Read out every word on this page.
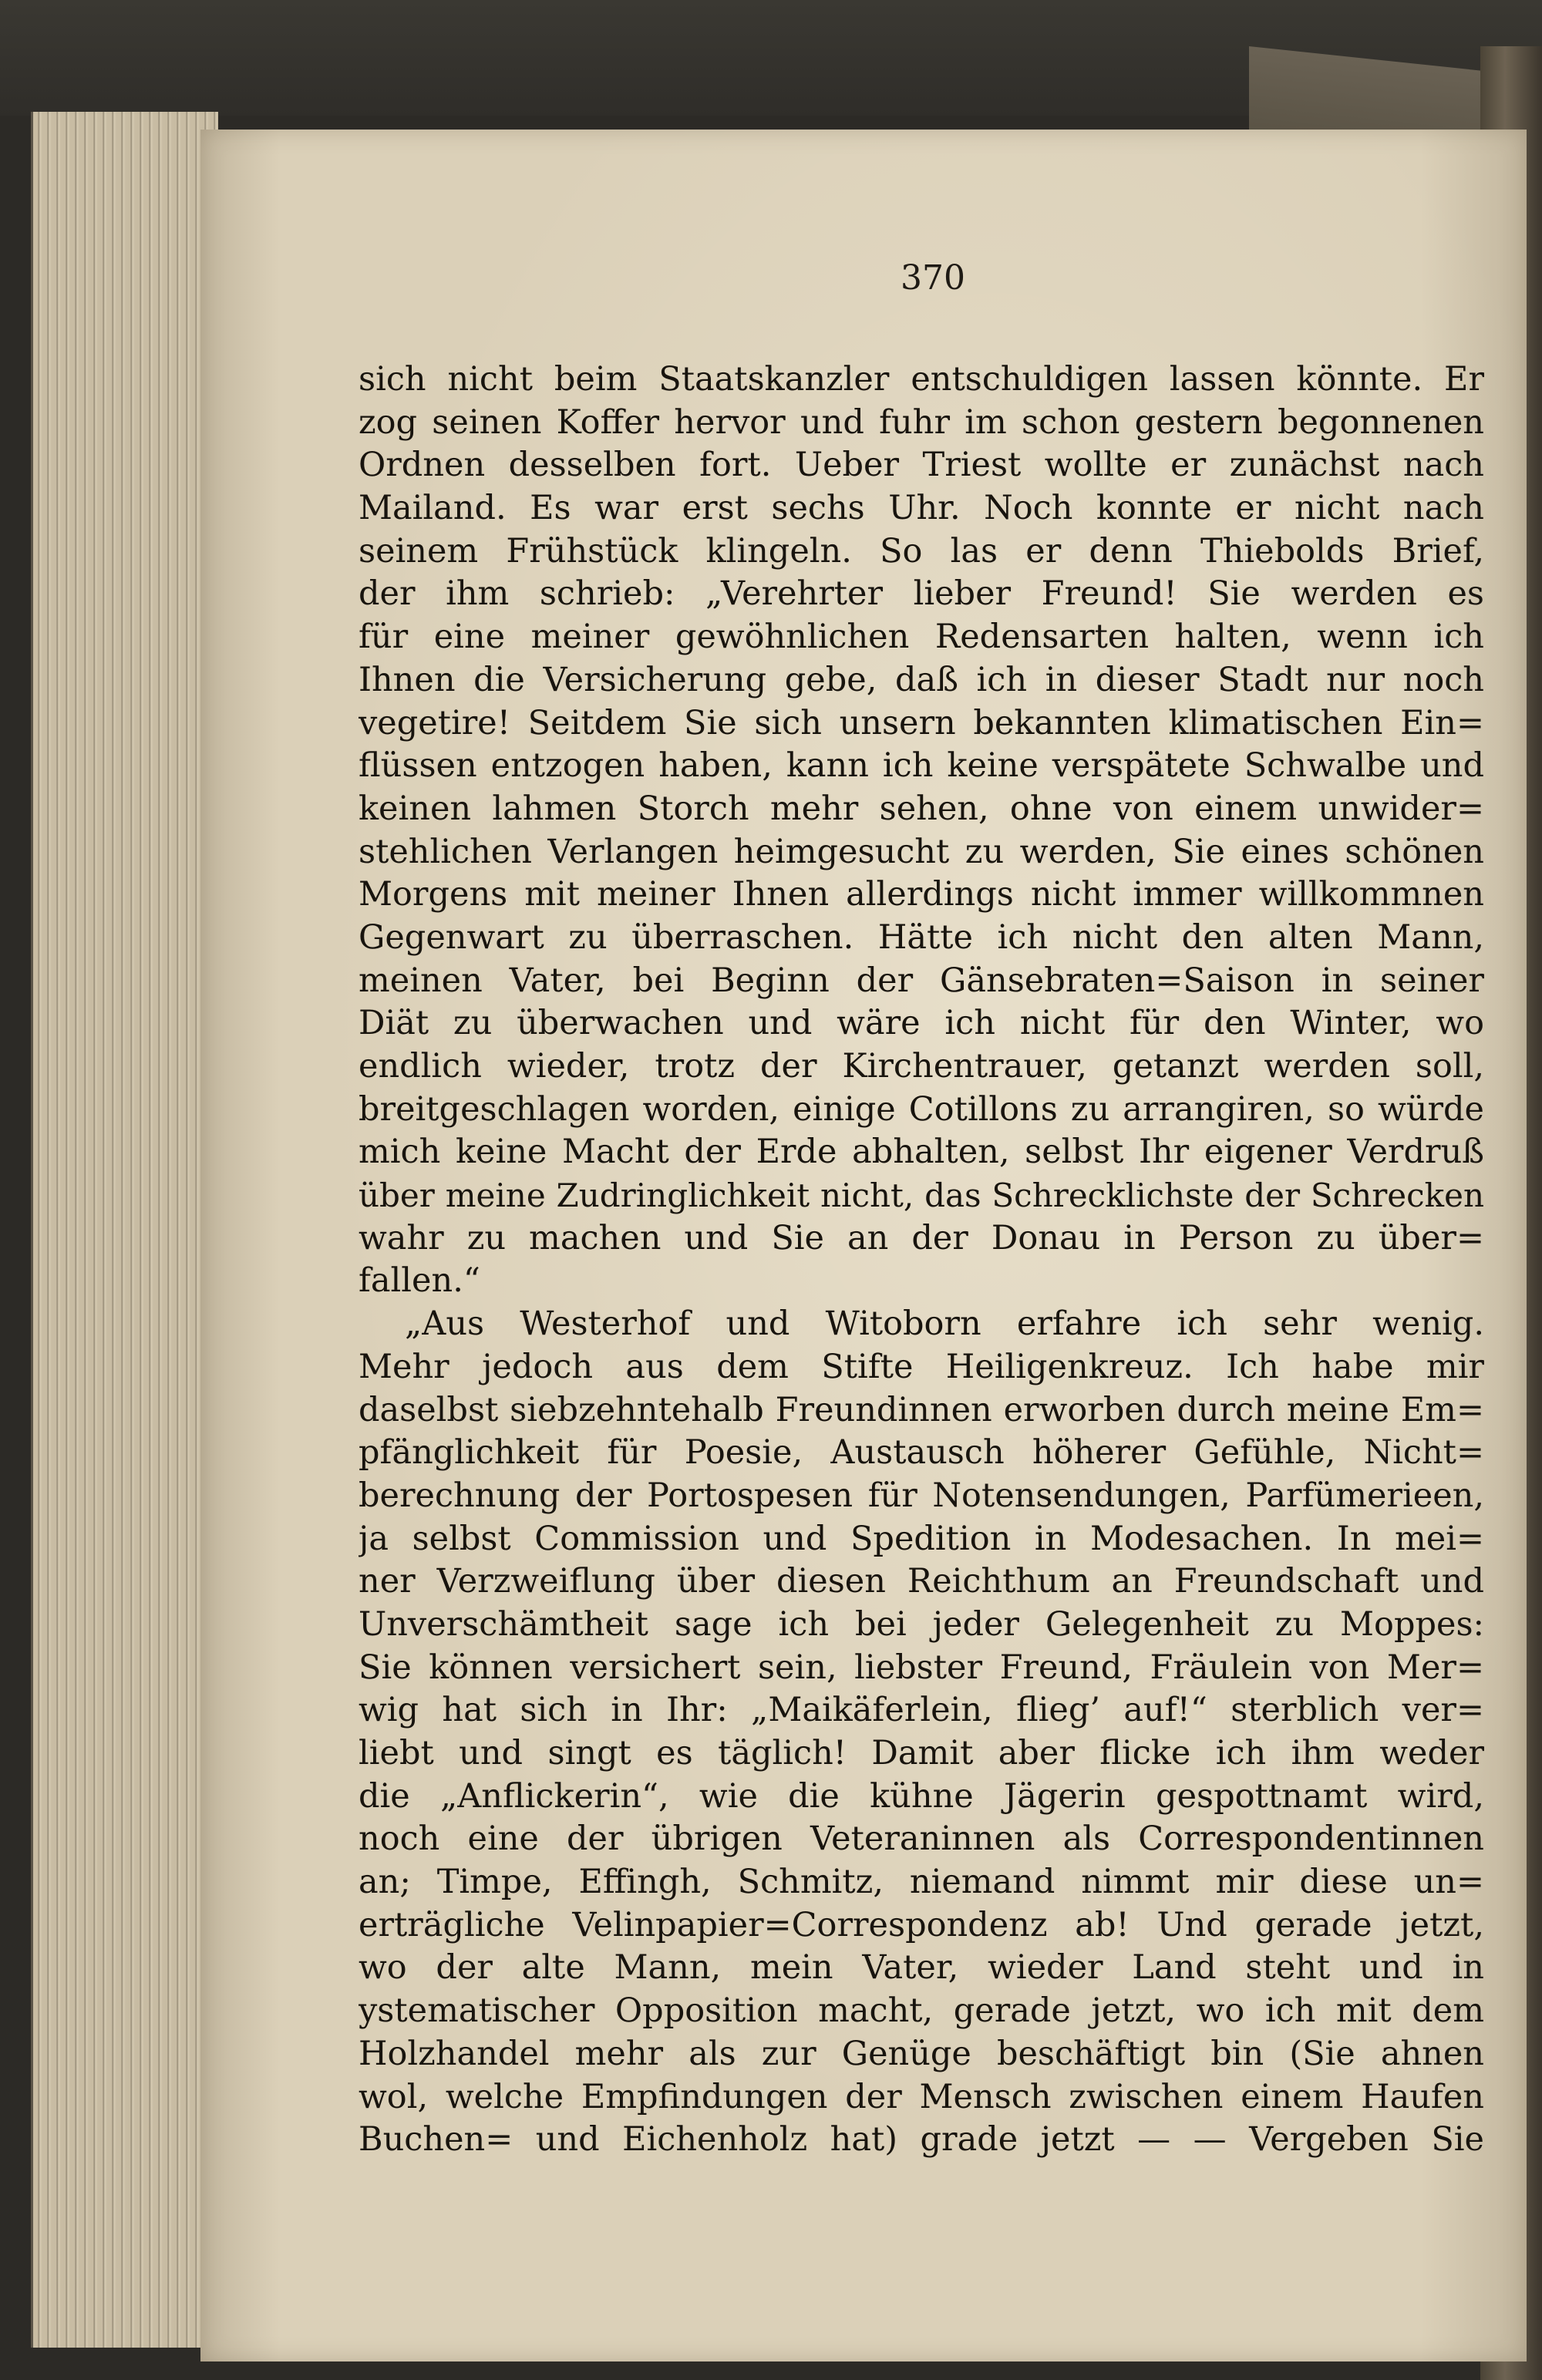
370
sich nicht beim Staatskanzler entschuldigen lassen könnte. Er
zog seinen Koffer hervor und fuhr im schon gestern begonnenen
Ordnen desselben fort. Ueber Triest wollte er zunächst nach
Mailand. Es war erst sechs Uhr. Noch konnte er nicht nach
seinem Frühstück klingeln. So las er denn Thiebolds Brief,
der ihm schrieb: „Verehrter lieber Freund! Sie werden es
für eine meiner gewöhnlichen Redensarten halten, wenn ich
Ihnen die Versicherung gebe, daß ich in dieser Stadt nur noch
vegetire! Seitdem Sie sich unsern bekannten klimatischen Ein=
flüssen entzogen haben, kann ich keine verspätete Schwalbe und
keinen lahmen Storch mehr sehen, ohne von einem unwider=
stehlichen Verlangen heimgesucht zu werden, Sie eines schönen
Morgens mit meiner Ihnen allerdings nicht immer willkommnen
Gegenwart zu überraschen. Hätte ich nicht den alten Mann,
meinen Vater, bei Beginn der Gänsebraten=Saison in seiner
Diät zu überwachen und wäre ich nicht für den Winter, wo
endlich wieder, trotz der Kirchentrauer, getanzt werden soll,
breitgeschlagen worden, einige Cotillons zu arrangiren, so würde
mich keine Macht der Erde abhalten, selbst Ihr eigener Verdruß
über meine Zudringlichkeit nicht, das Schrecklichste der Schrecken
wahr zu machen und Sie an der Donau in Person zu über=
fallen.“
„Aus Westerhof und Witoborn erfahre ich sehr wenig.
Mehr jedoch aus dem Stifte Heiligenkreuz. Ich habe mir
daselbst siebzehntehalb Freundinnen erworben durch meine Em=
pfänglichkeit für Poesie, Austausch höherer Gefühle, Nicht=
berechnung der Portospesen für Notensendungen, Parfümerieen,
ja selbst Commission und Spedition in Modesachen. In mei=
ner Verzweiflung über diesen Reichthum an Freundschaft und
Unverschämtheit sage ich bei jeder Gelegenheit zu Moppes:
Sie können versichert sein, liebster Freund, Fräulein von Mer=
wig hat sich in Ihr: „Maikäferlein, flieg’ auf!“ sterblich ver=
liebt und singt es täglich! Damit aber flicke ich ihm weder
die „Anflickerin“, wie die kühne Jägerin gespottnamt wird,
noch eine der übrigen Veteraninnen als Correspondentinnen
an; Timpe, Effingh, Schmitz, niemand nimmt mir diese un=
erträgliche Velinpapier=Correspondenz ab! Und gerade jetzt,
wo der alte Mann, mein Vater, wieder Land steht und in
ystematischer Opposition macht, gerade jetzt, wo ich mit dem
Holzhandel mehr als zur Genüge beschäftigt bin (Sie ahnen
wol, welche Empfindungen der Mensch zwischen einem Haufen
Buchen= und Eichenholz hat) grade jetzt — — Vergeben Sie
